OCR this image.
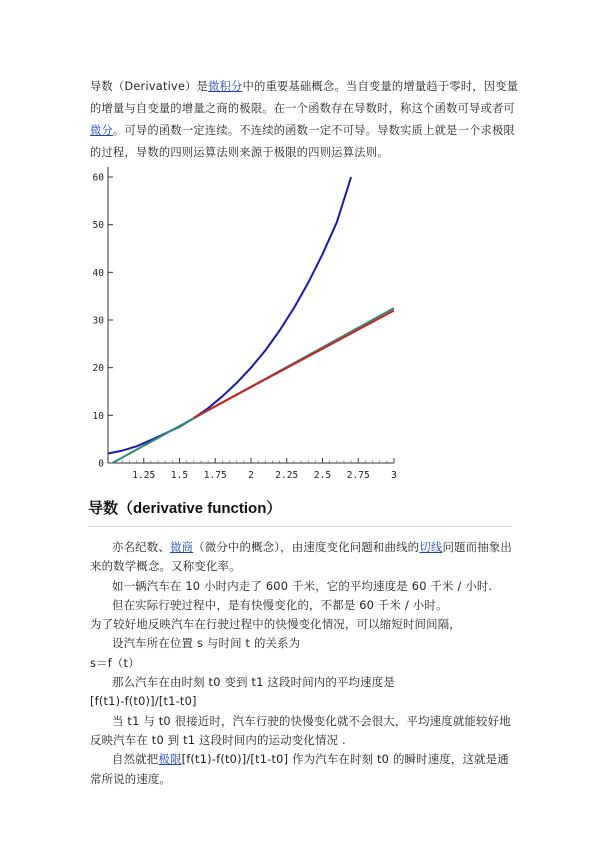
导数（Derivative）是微积分中的重要基础概念。当自变量的增量趋于零时，因变量的增量与自变量的增量之商的极限。在一个函数存在导数时，称这个函数可导或者可微分。可导的函数一定连续。不连续的函数一定不可导。导数实质上就是一个求极限的过程，导数的四则运算法则来源于极限的四则运算法则。
0
10
20
30
40
50
60
1.25 1.5 1.75 2 2.25 2.5 2.75 3
导数（derivative function）

亦名纪数、微商（微分中的概念），由速度变化问题和曲线的切线问题而抽象出来的数学概念。又称变化率。

如一辆汽车在 10 小时内走了 600 千米，它的平均速度是 60 千米 / 小时.

但在实际行驶过程中，是有快慢变化的，不都是 60 千米 / 小时。

为了较好地反映汽车在行驶过程中的快慢变化情况，可以缩短时间间隔，

设汽车所在位置 s 与时间 t 的关系为

s＝f（t）

那么汽车在由时刻 t0 变到 t1 这段时间内的平均速度是

[f(t1)-f(t0)]/[t1-t0]

当 t1 与 t0 很接近时，汽车行驶的快慢变化就不会很大，平均速度就能较好地反映汽车在 t0 到 t1 这段时间内的运动变化情况 .

自然就把极限[f(t1)-f(t0)]/[t1-t0] 作为汽车在时刻 t0 的瞬时速度，这就是通常所说的速度。
